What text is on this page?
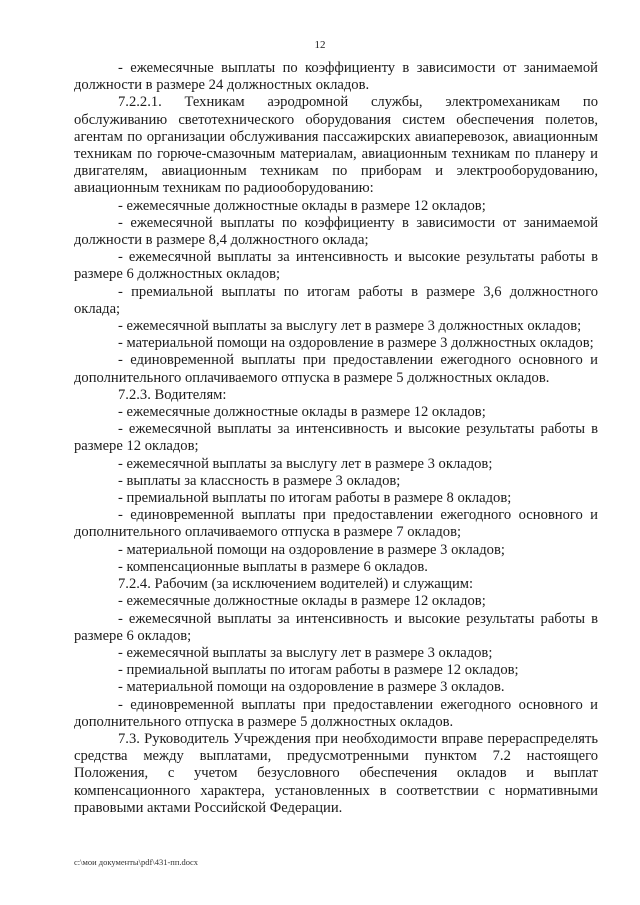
12

- ежемесячные выплаты по коэффициенту в зависимости от занимаемой должности в размере 24 должностных окладов.

7.2.2.1. Техникам аэродромной службы, электромеханикам по обслуживанию светотехнического оборудования систем обеспечения полетов, агентам по организации обслуживания пассажирских авиаперевозок, авиационным техникам по горюче-смазочным материалам, авиационным техникам по планеру и двигателям, авиационным техникам по приборам и электрооборудованию, авиационным техникам по радиооборудованию:

- ежемесячные должностные оклады в размере 12 окладов;

- ежемесячной выплаты по коэффициенту в зависимости от занимаемой должности в размере 8,4 должностного оклада;

- ежемесячной выплаты за интенсивность и высокие результаты работы в размере 6 должностных окладов;

- премиальной выплаты по итогам работы в размере 3,6 должностного оклада;

- ежемесячной выплаты за выслугу лет в размере 3 должностных окладов;

- материальной помощи на оздоровление в размере 3 должностных окладов;

- единовременной выплаты при предоставлении ежегодного основного и дополнительного оплачиваемого отпуска в размере 5 должностных окладов.

7.2.3. Водителям:

- ежемесячные должностные оклады в размере 12 окладов;

- ежемесячной выплаты за интенсивность и высокие результаты работы в размере 12 окладов;

- ежемесячной выплаты за выслугу лет в размере 3 окладов;

- выплаты за классность в размере 3 окладов;

- премиальной выплаты по итогам работы в размере 8 окладов;

- единовременной выплаты при предоставлении ежегодного основного и дополнительного оплачиваемого отпуска в размере 7 окладов;

- материальной помощи на оздоровление в размере 3 окладов;

- компенсационные выплаты в размере 6 окладов.

7.2.4. Рабочим (за исключением водителей) и служащим:

- ежемесячные должностные оклады в размере 12 окладов;

- ежемесячной выплаты за интенсивность и высокие результаты работы в размере 6 окладов;

- ежемесячной выплаты за выслугу лет в размере 3 окладов;

- премиальной выплаты по итогам работы в размере 12 окладов;

- материальной помощи на оздоровление в размере 3 окладов.

- единовременной выплаты при предоставлении ежегодного основного и дополнительного отпуска в размере 5 должностных окладов.

7.3. Руководитель Учреждения при необходимости вправе перераспределять средства между выплатами, предусмотренными пунктом 7.2 настоящего Положения, с учетом безусловного обеспечения окладов и выплат компенсационного характера, установленных в соответствии с нормативными правовыми актами Российской Федерации.

c:\мои документы\pdf\431-пп.docx
